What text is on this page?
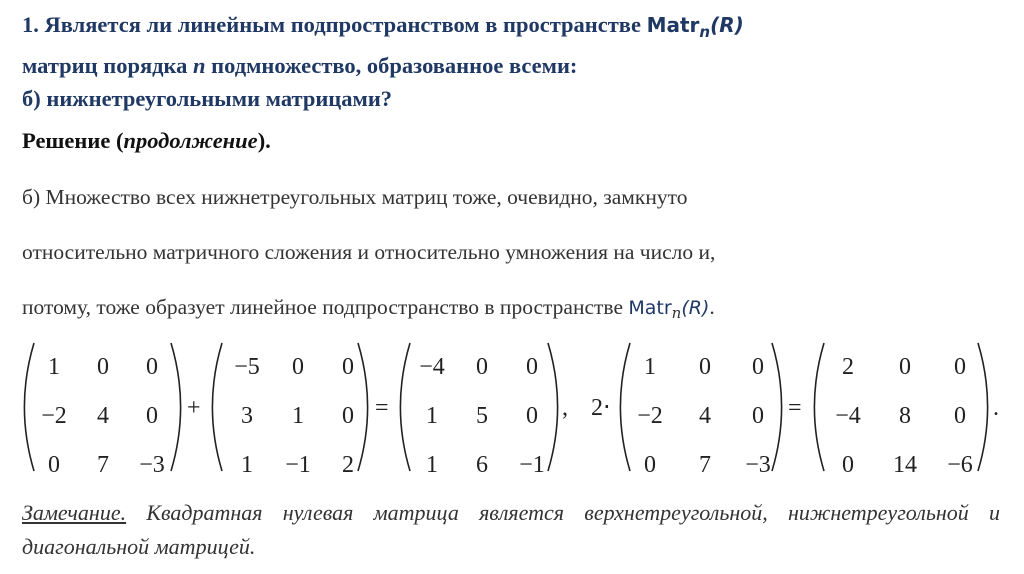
1. Является ли линейным подпространством в пространстве Matr$_n$(R)
матриц порядка n подмножество, образованное всеми:
б) нижнетреугольными матрицами?
Решение (продолжение).
б) Множество всех нижнетреугольных матриц тоже, очевидно, замкнуто
относительно матричного сложения и относительно умножения на число и,
потому, тоже образует линейное подпространство в пространстве Matr$_n$(R).
1 0 0
−2 4 0
0 7 −3
−5 0 0
3 1 0
1 −1 2
−4 0 0
1 5 0
1 6 −1
1 0 0
−2 4 0
0 7 −3
2 0 0
−4 8 0
0 14 −6
+	=	, 2⋅	=	.
Замечание. Квадратная нулевая матрица является верхнетреугольной, нижнетреугольной и диагональной матрицей.
